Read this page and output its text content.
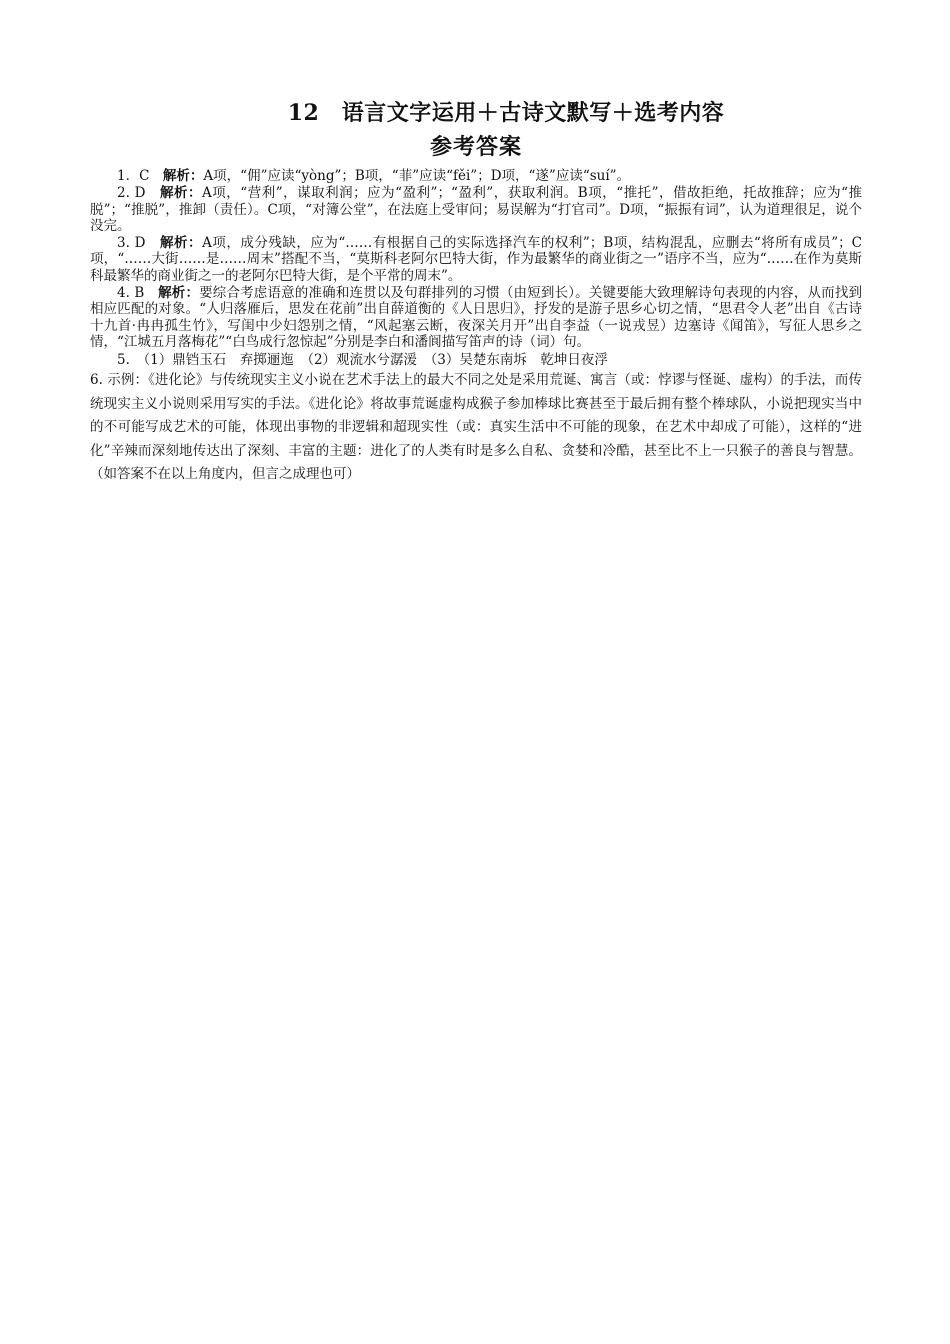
12　语言文字运用＋古诗文默写＋选考内容
参考答案

1．C　解析：A项，“佣”应读“yòng”；B项，“菲”应读“fěi”；D项，“遂”应读“suí”。

2. D　解析：A项，“营利”，谋取利润；应为“盈利”；“盈利”，获取利润。B项，“推托”，借故拒绝，托故推辞；应为“推脱”；“推脱”，推卸（责任）。C项，“对簿公堂”，在法庭上受审问；易误解为“打官司”。D项，“振振有词”，认为道理很足，说个没完。

3. D　解析：A项，成分残缺，应为“……有根据自己的实际选择汽车的权利”；B项，结构混乱，应删去“将所有成员”；C项，“……大街……是……周末”搭配不当，“莫斯科老阿尔巴特大街，作为最繁华的商业街之一”语序不当，应为“……在作为莫斯科最繁华的商业街之一的老阿尔巴特大街，是个平常的周末”。

4. B　解析：要综合考虑语意的准确和连贯以及句群排列的习惯（由短到长）。关键要能大致理解诗句表现的内容，从而找到相应匹配的对象。“人归落雁后，思发在花前”出自薛道衡的《人日思归》，抒发的是游子思乡心切之情，“思君令人老”出自《古诗十九首·冉冉孤生竹》，写闺中少妇怨别之情，“风起塞云断，夜深关月开”出自李益（一说戎昱）边塞诗《闻笛》，写征人思乡之情，“江城五月落梅花”“白鸟成行忽惊起”分别是李白和潘阆描写笛声的诗（词）句。

5.　（1）鼎铛玉石　弃掷逦迤　（2）观流水兮潺湲　（3）吴楚东南坼　乾坤日夜浮

6. 示例：《进化论》与传统现实主义小说在艺术手法上的最大不同之处是采用荒诞、寓言（或：悖谬与怪诞、虚构）的手法，而传统现实主义小说则采用写实的手法。《进化论》将故事荒诞虚构成猴子参加棒球比赛甚至于最后拥有整个棒球队，小说把现实当中的不可能写成艺术的可能，体现出事物的非逻辑和超现实性（或：真实生活中不可能的现象，在艺术中却成了可能），这样的“进化”辛辣而深刻地传达出了深刻、丰富的主题：进化了的人类有时是多么自私、贪婪和冷酷，甚至比不上一只猴子的善良与智慧。（如答案不在以上角度内，但言之成理也可）
